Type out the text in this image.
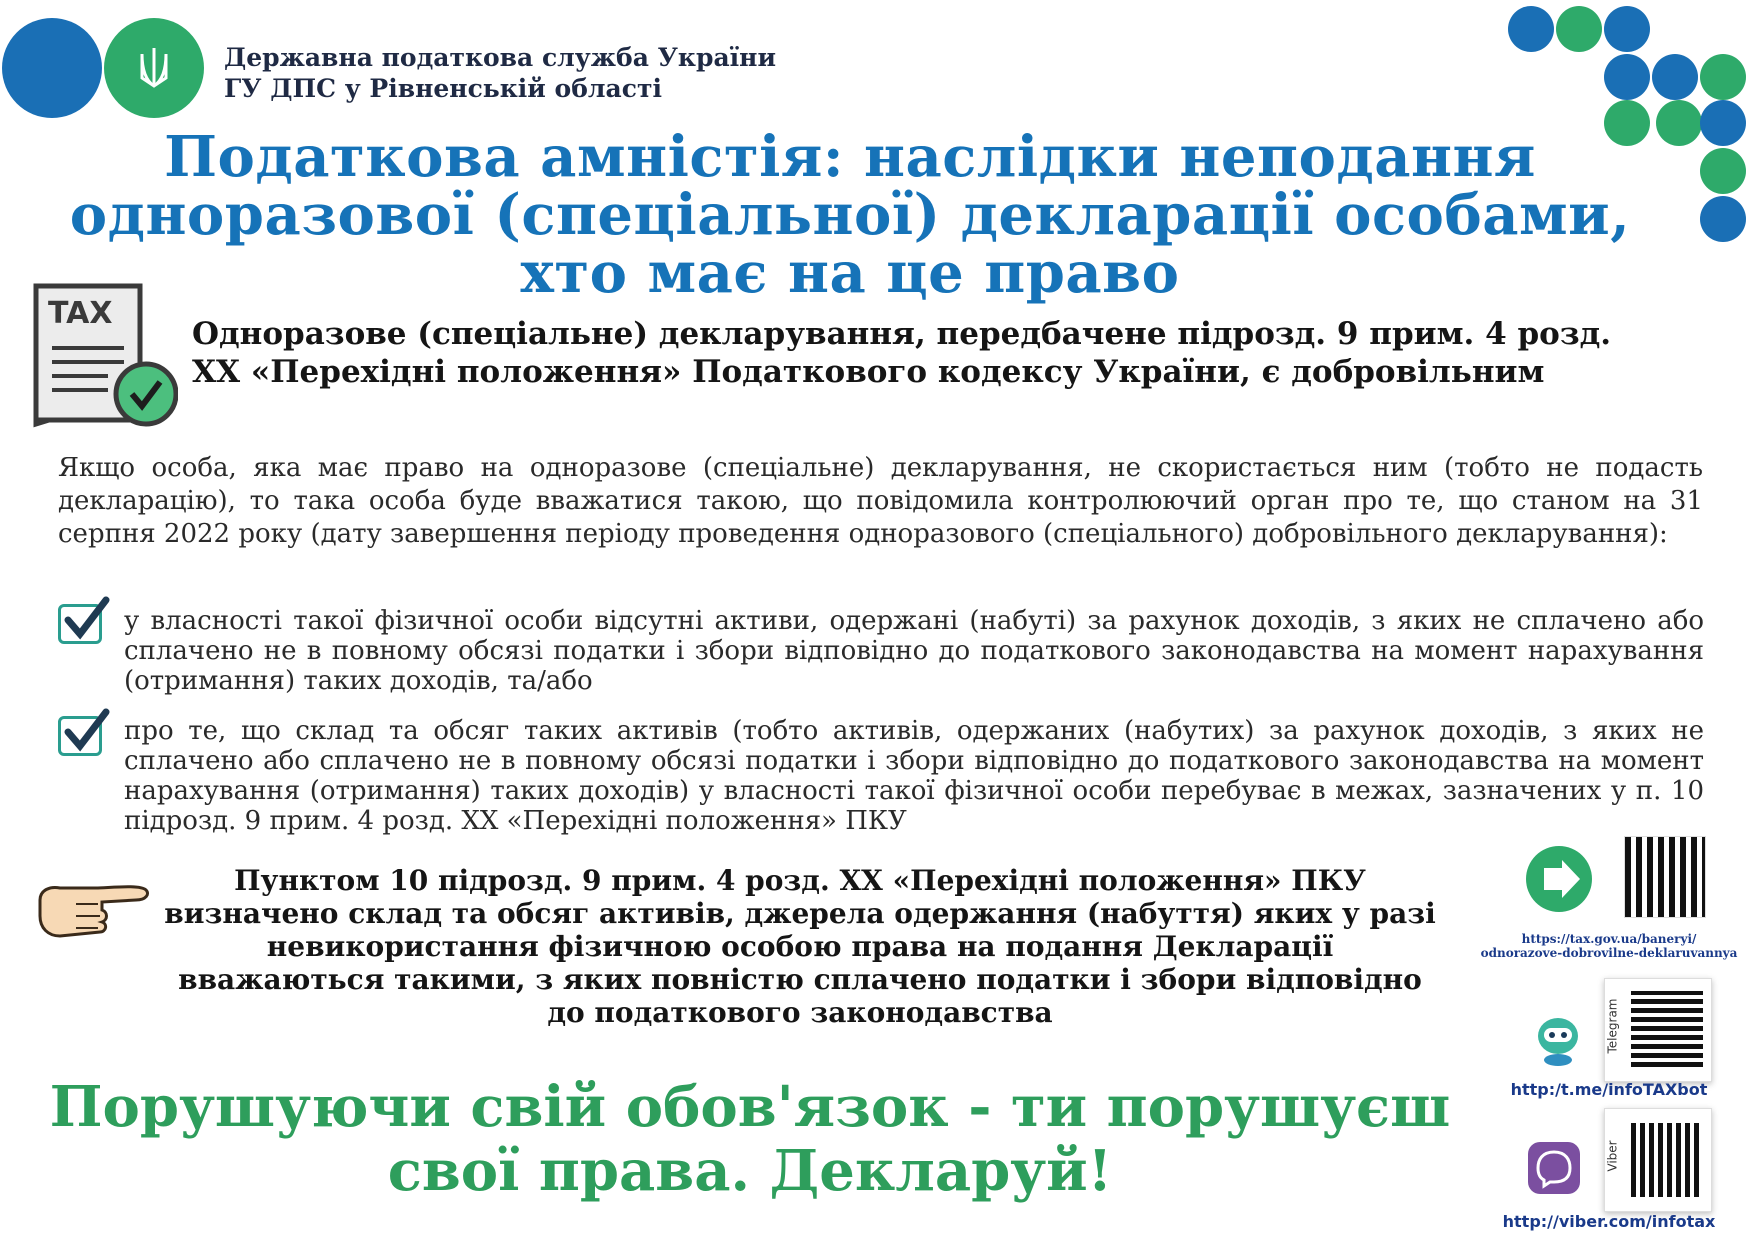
Державна податкова служба України
ГУ ДПС у Рівненській області
Податкова амністія: наслідки неподання
одноразової (спеціальної) декларації особами,
хто має на це право
TAX
Одноразове (спеціальне) декларування, передбачене підрозд. 9 прим. 4 розд.
XX «Перехідні положення» Податкового кодексу України, є добровільним
Якщо особа, яка має право на одноразове (спеціальне) декларування, не скористається ним (тобто не подасть декларацію), то така особа буде вважатися такою, що повідомила контролюючий орган про те, що станом на 31 серпня 2022 року (дату завершення періоду проведення одноразового (спеціального) добровільного декларування):
у власності такої фізичної особи відсутні активи, одержані (набуті) за рахунок доходів, з яких не сплачено або сплачено не в повному обсязі податки і збори відповідно до податкового законодавства на момент нарахування (отримання) таких доходів, та/або
про те, що склад та обсяг таких активів (тобто активів, одержаних (набутих) за рахунок доходів, з яких не сплачено або сплачено не в повному обсязі податки і збори відповідно до податкового законодавства на момент нарахування (отримання) таких доходів) у власності такої фізичної особи перебуває в межах, зазначених у п. 10 підрозд. 9 прим. 4 розд. XX «Перехідні положення» ПКУ
Пунктом 10 підрозд. 9 прим. 4 розд. XX «Перехідні положення» ПКУ
визначено склад та обсяг активів, джерела одержання (набуття) яких у разі
невикористання фізичною особою права на подання Декларації
вважаються такими, з яких повністю сплачено податки і збори відповідно
до податкового законодавства
Порушуючи свій обов'язок - ти порушуєш
свої права. Декларуй!
https://tax.gov.ua/baneryi/
odnorazove-dobrovilne-deklaruvannya
Telegram
http:/t.me/infoTAXbot
Viber
http://viber.com/infotax
